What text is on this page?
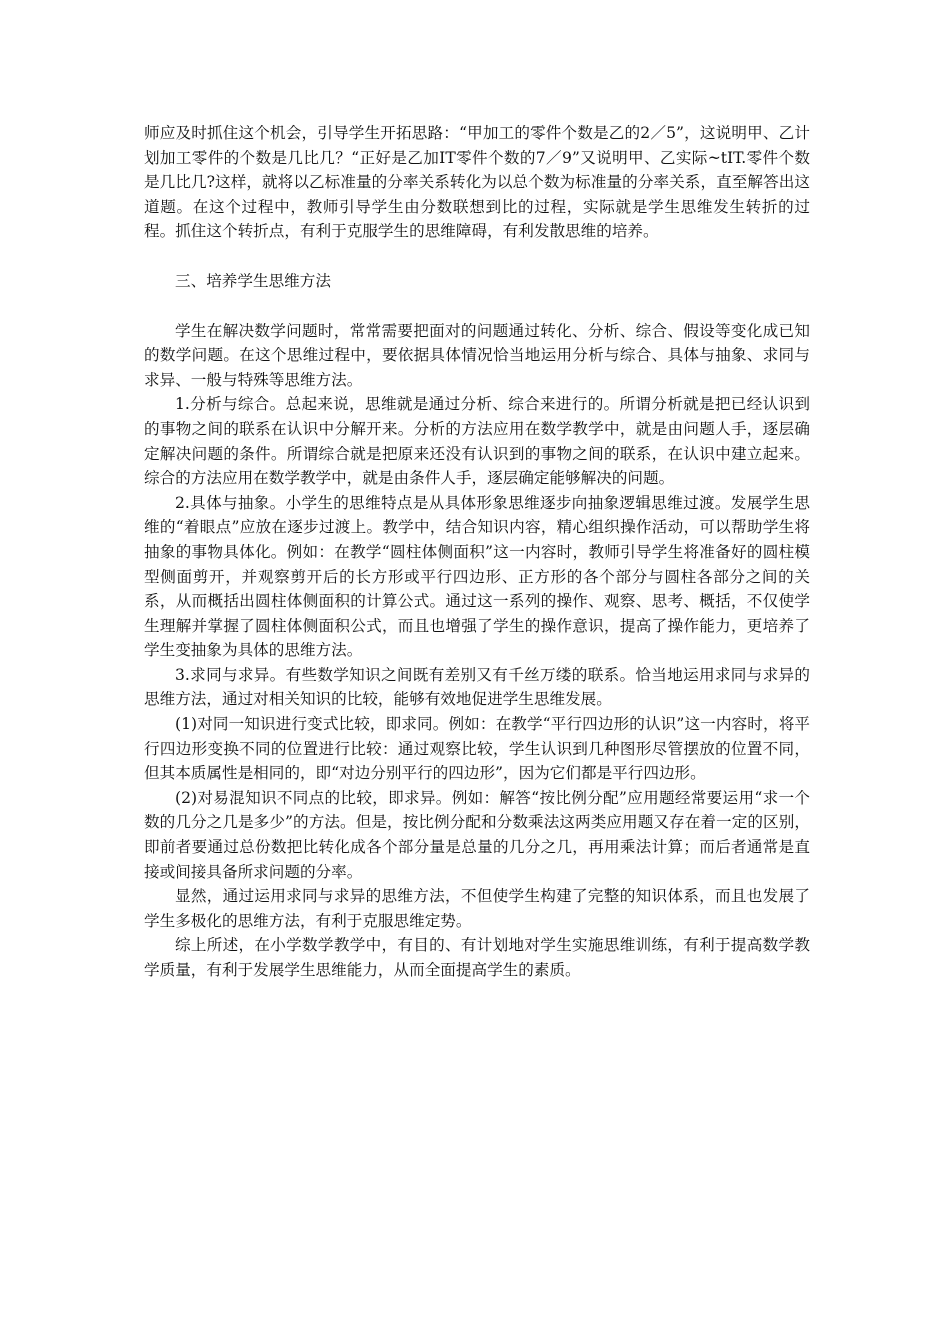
师应及时抓住这个机会，引导学生开拓思路：“甲加工的零件个数是乙的2／5”，这说明甲、乙计划加工零件的个数是几比几？“正好是乙加IT零件个数的7／9”又说明甲、乙实际~tIT.零件个数是几比几?这样，就将以乙标准量的分率关系转化为以总个数为标准量的分率关系，直至解答出这道题。在这个过程中，教师引导学生由分数联想到比的过程，实际就是学生思维发生转折的过程。抓住这个转折点，有利于克服学生的思维障碍，有利发散思维的培养。

三、培养学生思维方法

学生在解决数学问题时，常常需要把面对的问题通过转化、分析、综合、假设等变化成已知的数学问题。在这个思维过程中，要依据具体情况恰当地运用分析与综合、具体与抽象、求同与求异、一般与特殊等思维方法。

1.分析与综合。总起来说，思维就是通过分析、综合来进行的。所谓分析就是把已经认识到的事物之间的联系在认识中分解开来。分析的方法应用在数学教学中，就是由问题人手，逐层确定解决问题的条件。所谓综合就是把原来还没有认识到的事物之间的联系，在认识中建立起来。综合的方法应用在数学教学中，就是由条件人手，逐层确定能够解决的问题。

2.具体与抽象。小学生的思维特点是从具体形象思维逐步向抽象逻辑思维过渡。发展学生思维的“着眼点”应放在逐步过渡上。教学中，结合知识内容，精心组织操作活动，可以帮助学生将抽象的事物具体化。例如：在教学“圆柱体侧面积”这一内容时，教师引导学生将准备好的圆柱模型侧面剪开，并观察剪开后的长方形或平行四边形、正方形的各个部分与圆柱各部分之间的关系，从而概括出圆柱体侧面积的计算公式。通过这一系列的操作、观察、思考、概括，不仅使学生理解并掌握了圆柱体侧面积公式，而且也增强了学生的操作意识，提高了操作能力，更培养了学生变抽象为具体的思维方法。

3.求同与求异。有些数学知识之间既有差别又有千丝万缕的联系。恰当地运用求同与求异的思维方法，通过对相关知识的比较，能够有效地促进学生思维发展。

(1)对同一知识进行变式比较，即求同。例如：在教学“平行四边形的认识”这一内容时，将平行四边形变换不同的位置进行比较：通过观察比较，学生认识到几种图形尽管摆放的位置不同，但其本质属性是相同的，即“对边分别平行的四边形”，因为它们都是平行四边形。

(2)对易混知识不同点的比较，即求异。例如：解答“按比例分配”应用题经常要运用“求一个数的几分之几是多少”的方法。但是，按比例分配和分数乘法这两类应用题又存在着一定的区别，即前者要通过总份数把比转化成各个部分量是总量的几分之几，再用乘法计算；而后者通常是直接或间接具备所求问题的分率。

显然，通过运用求同与求异的思维方法，不但使学生构建了完整的知识体系，而且也发展了学生多极化的思维方法，有利于克服思维定势。

综上所述，在小学数学教学中，有目的、有计划地对学生实施思维训练，有利于提高数学教学质量，有利于发展学生思维能力，从而全面提高学生的素质。
